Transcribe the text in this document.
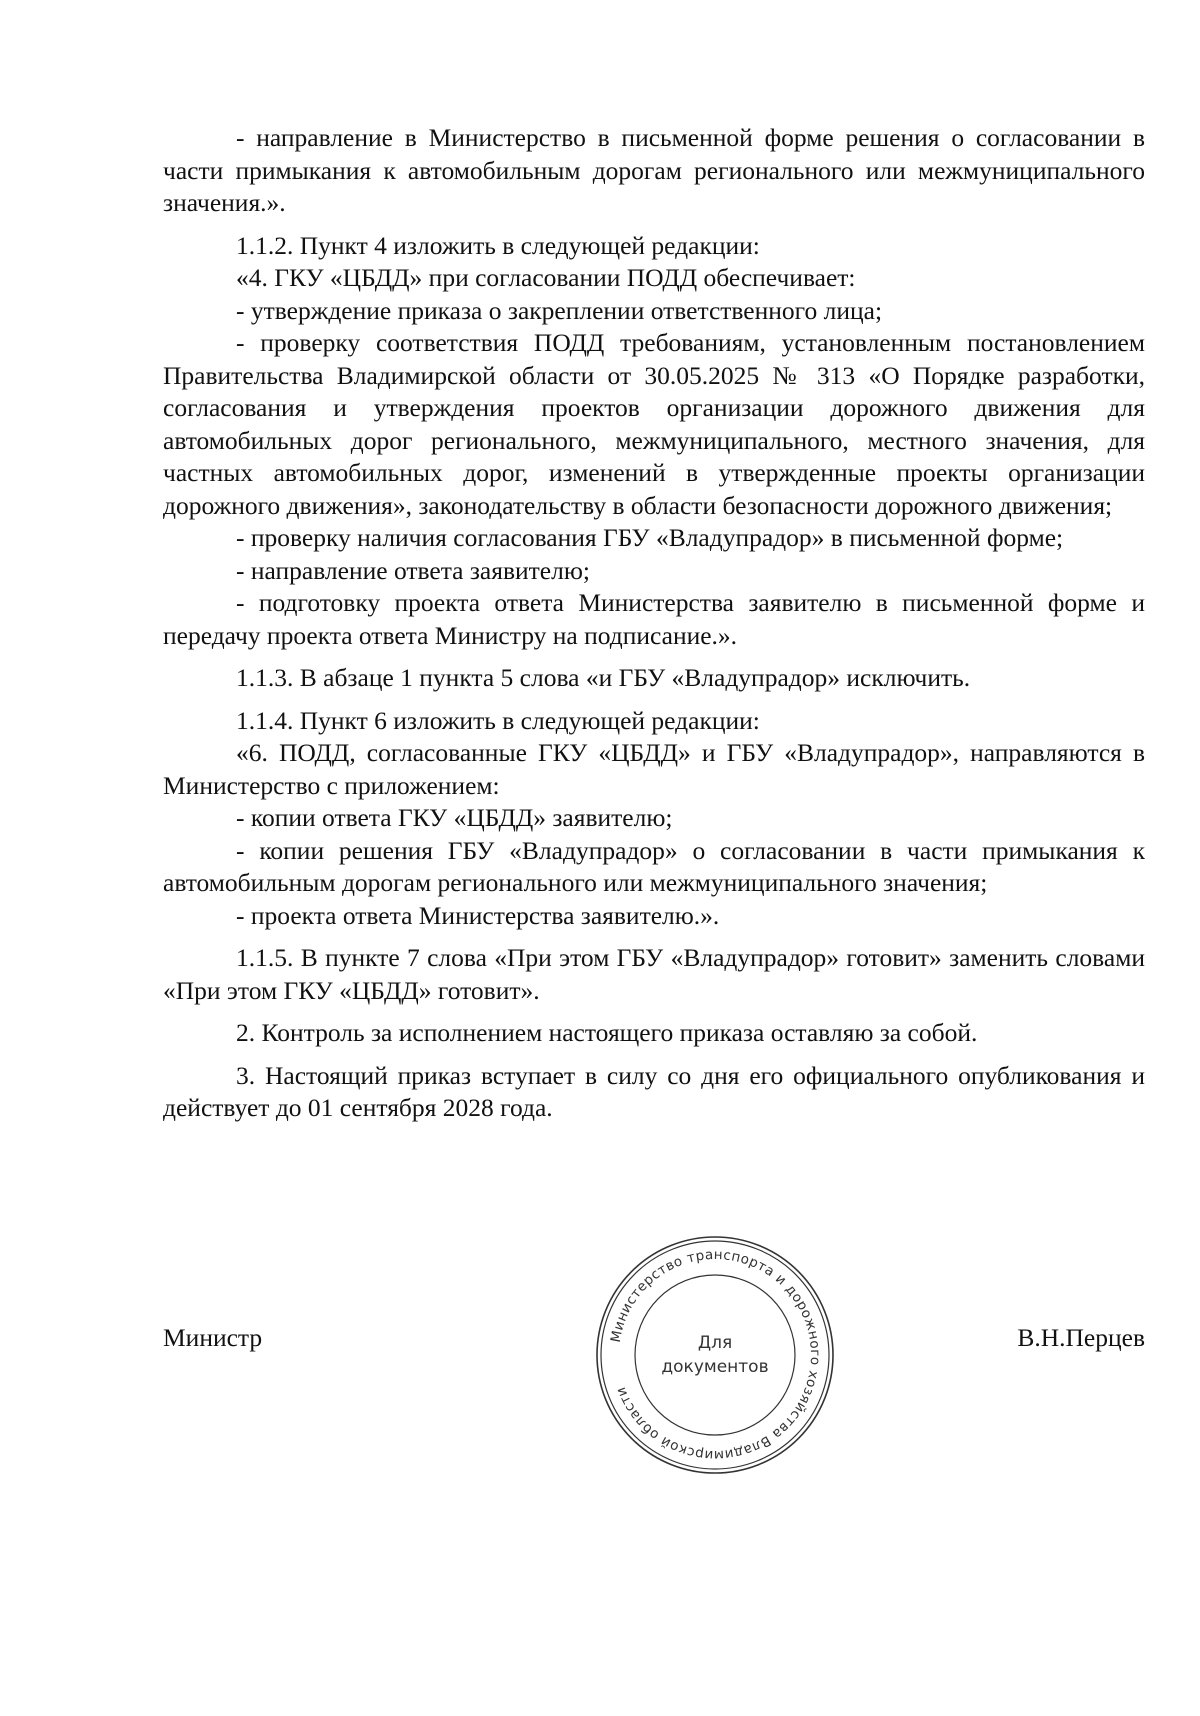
- направление в Министерство в письменной форме решения о согласовании в части примыкания к автомобильным дорогам регионального или межмуниципального значения.».

1.1.2. Пункт 4 изложить в следующей редакции:

«4. ГКУ «ЦБДД» при согласовании ПОДД обеспечивает:

- утверждение приказа о закреплении ответственного лица;

- проверку соответствия ПОДД требованиям, установленным постановлением Правительства Владимирской области от 30.05.2025 № 313 «О Порядке разработки, согласования и утверждения проектов организации дорожного движения для автомобильных дорог регионального, межмуниципального, местного значения, для частных автомобильных дорог, изменений в утвержденные проекты организации дорожного движения», законодательству в области безопасности дорожного движения;

- проверку наличия согласования ГБУ «Владупрадор» в письменной форме;

- направление ответа заявителю;

- подготовку проекта ответа Министерства заявителю в письменной форме и передачу проекта ответа Министру на подписание.».

1.1.3. В абзаце 1 пункта 5 слова «и ГБУ «Владупрадор» исключить.

1.1.4. Пункт 6 изложить в следующей редакции:

«6. ПОДД, согласованные ГКУ «ЦБДД» и ГБУ «Владупрадор», направляются в Министерство с приложением:

- копии ответа ГКУ «ЦБДД» заявителю;

- копии решения ГБУ «Владупрадор» о согласовании в части примыкания к автомобильным дорогам регионального или межмуниципального значения;

- проекта ответа Министерства заявителю.».

1.1.5. В пункте 7 слова «При этом ГБУ «Владупрадор» готовит» заменить словами «При этом ГКУ «ЦБДД» готовит».

2. Контроль за исполнением настоящего приказа оставляю за собой.

3. Настоящий приказ вступает в силу со дня его официального опубликования и действует до 01 сентября 2028 года.

Министр	В.Н.Перцев
Министерство транспорта и дорожного хозяйства Владимирской области
Для
документов
